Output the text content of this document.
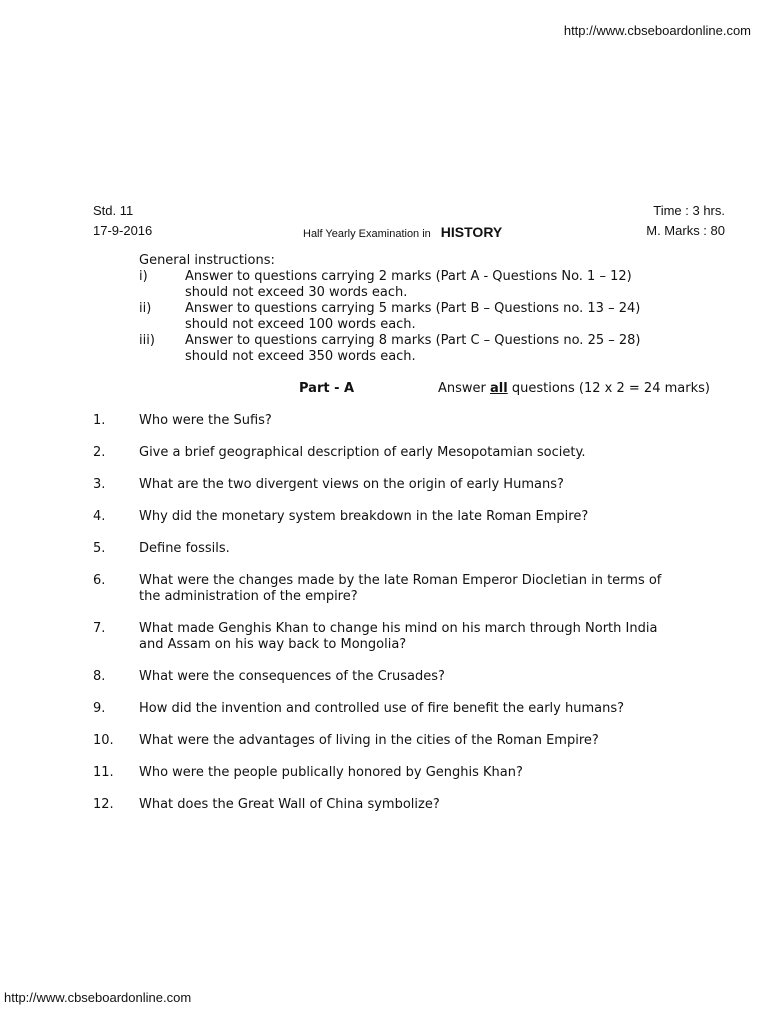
http://www.cbseboardonline.com
Std. 11	Time : 3 hrs.
17-9-2016	Half Yearly Examination in HISTORY	M. Marks : 80
General instructions:
i)	Answer to questions carrying 2 marks (Part A - Questions No. 1 – 12)
should not exceed 30 words each.
ii)	Answer to questions carrying 5 marks (Part B – Questions no. 13 – 24)
should not exceed 100 words each.
iii)	Answer to questions carrying 8 marks (Part C – Questions no. 25 – 28)
should not exceed 350 words each.
Part - A	Answer all questions (12 x 2 = 24 marks)
1.	Who were the Sufis?
2.	Give a brief geographical description of early Mesopotamian society.
3.	What are the two divergent views on the origin of early Humans?
4.	Why did the monetary system breakdown in the late Roman Empire?
5.	Define fossils.
6.	What were the changes made by the late Roman Emperor Diocletian in terms of the administration of the empire?
7.	What made Genghis Khan to change his mind on his march through North India and Assam on his way back to Mongolia?
8.	What were the consequences of the Crusades?
9.	How did the invention and controlled use of fire benefit the early humans?
10.	What were the advantages of living in the cities of the Roman Empire?
11.	Who were the people publically honored by Genghis Khan?
12.	What does the Great Wall of China symbolize?
http://www.cbseboardonline.com
